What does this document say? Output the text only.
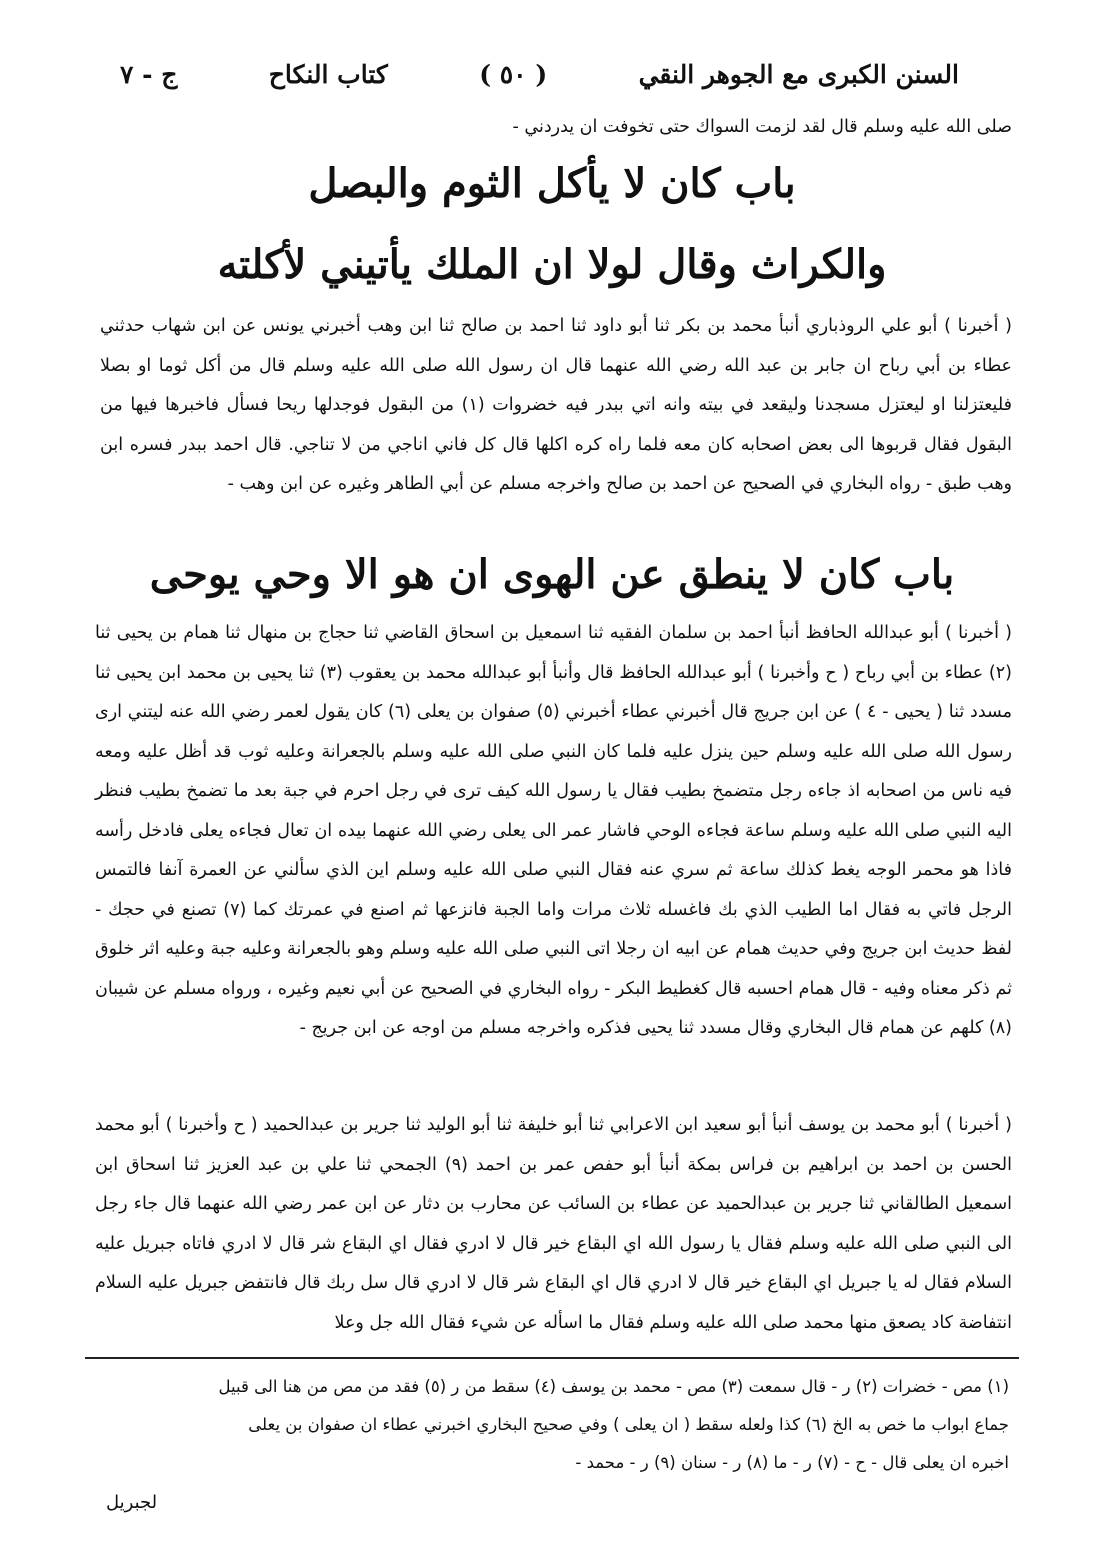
السنن الكبرى مع الجوهر النقي
( ٥٠ )
كتاب النكاح
ج - ٧
صلى الله عليه وسلم قال لقد لزمت السواك حتى تخوفت ان يدردني -
باب كان لا يأكل الثوم والبصل
والكراث وقال لولا ان الملك يأتيني لأكلته
( أخبرنا ) أبو علي الروذباري أنبأ محمد بن بكر ثنا أبو داود ثنا احمد بن صالح ثنا ابن وهب أخبرني يونس عن ابن شهاب حدثني عطاء بن أبي رباح ان جابر بن عبد الله رضي الله عنهما قال ان رسول الله صلى الله عليه وسلم قال من أكل ثوما او بصلا فليعتزلنا او ليعتزل مسجدنا وليقعد في بيته وانه اتي ببدر فيه خضروات (١) من البقول فوجدلها ريحا فسأل فاخبرها فيها من البقول فقال قربوها الى بعض اصحابه كان معه فلما راه كره اكلها قال كل فاني اناجي من لا تناجي. قال احمد ببدر فسره ابن وهب طبق - رواه البخاري في الصحيح عن احمد بن صالح واخرجه مسلم عن أبي الطاهر وغيره عن ابن وهب -
باب كان لا ينطق عن الهوى ان هو الا وحي يوحى
( أخبرنا ) أبو عبدالله الحافظ أنبأ احمد بن سلمان الفقيه ثنا اسمعيل بن اسحاق القاضي ثنا حجاج بن منهال ثنا همام بن يحيى ثنا (٢) عطاء بن أبي رباح ( ح وأخبرنا ) أبو عبدالله الحافظ قال وأنبأ أبو عبدالله محمد بن يعقوب (٣) ثنا يحيى بن محمد ابن يحيى ثنا مسدد ثنا ( يحيى - ٤ ) عن ابن جريج قال أخبرني عطاء أخبرني (٥) صفوان بن يعلى (٦) كان يقول لعمر رضي الله عنه ليتني ارى رسول الله صلى الله عليه وسلم حين ينزل عليه فلما كان النبي صلى الله عليه وسلم بالجعرانة وعليه ثوب قد أظل عليه ومعه فيه ناس من اصحابه اذ جاءه رجل متضمخ بطيب فقال يا رسول الله كيف ترى في رجل احرم في جبة بعد ما تضمخ بطيب فنظر اليه النبي صلى الله عليه وسلم ساعة فجاءه الوحي فاشار عمر الى يعلى رضي الله عنهما بيده ان تعال فجاءه يعلى فادخل رأسه فاذا هو محمر الوجه يغط كذلك ساعة ثم سري عنه فقال النبي صلى الله عليه وسلم اين الذي سألني عن العمرة آنفا فالتمس الرجل فاتي به فقال اما الطيب الذي بك فاغسله ثلاث مرات واما الجبة فانزعها ثم اصنع في عمرتك كما (٧) تصنع في حجك - لفظ حديث ابن جريج وفي حديث همام عن ابيه ان رجلا اتى النبي صلى الله عليه وسلم وهو بالجعرانة وعليه جبة وعليه اثر خلوق ثم ذكر معناه وفيه - قال همام احسبه قال كغطيط البكر - رواه البخاري في الصحيح عن أبي نعيم وغيره ، ورواه مسلم عن شيبان (٨) كلهم عن همام قال البخاري وقال مسدد ثنا يحيى فذكره واخرجه مسلم من اوجه عن ابن جريج -
( أخبرنا ) أبو محمد بن يوسف أنبأ أبو سعيد ابن الاعرابي ثنا أبو خليفة ثنا أبو الوليد ثنا جرير بن عبدالحميد ( ح وأخبرنا ) أبو محمد الحسن بن احمد بن ابراهيم بن فراس بمكة أنبأ أبو حفص عمر بن احمد (٩) الجمحي ثنا علي بن عبد العزيز ثنا اسحاق ابن اسمعيل الطالقاني ثنا جرير بن عبدالحميد عن عطاء بن السائب عن محارب بن دثار عن ابن عمر رضي الله عنهما قال جاء رجل الى النبي صلى الله عليه وسلم فقال يا رسول الله اي البقاع خير قال لا ادري فقال اي البقاع شر قال لا ادري فاتاه جبريل عليه السلام فقال له يا جبريل اي البقاع خير قال لا ادري قال اي البقاع شر قال لا ادري قال سل ربك قال فانتفض جبريل عليه السلام انتفاضة كاد يصعق منها محمد صلى الله عليه وسلم فقال ما اسأله عن شيء فقال الله جل وعلا
(١) مص - خضرات (٢) ر - قال سمعت (٣) مص - محمد بن يوسف (٤) سقط من ر (٥) فقد من مص من هنا الى قبيل
جماع ابواب ما خص به الخ (٦) كذا ولعله سقط ( ان يعلى ) وفي صحيح البخاري اخبرني عطاء ان صفوان بن يعلى
اخبره ان يعلى قال - ح - (٧) ر - ما (٨) ر - سنان (٩) ر - محمد -
لجبريل
